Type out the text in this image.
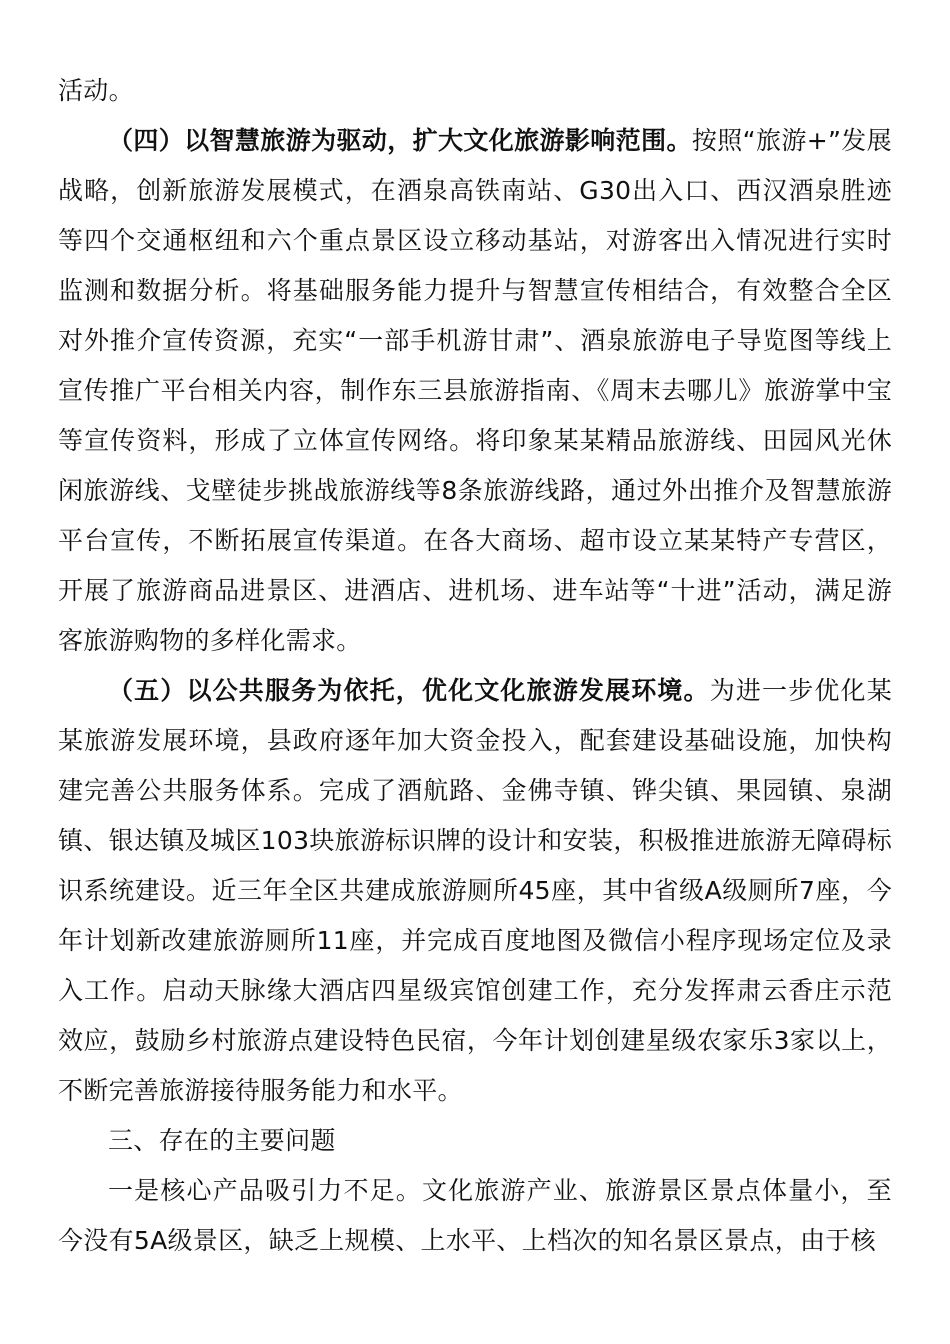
活动。

（四）以智慧旅游为驱动，扩大文化旅游影响范围。按照“旅游+”发展战略，创新旅游发展模式，在酒泉高铁南站、G30出入口、西汉酒泉胜迹等四个交通枢纽和六个重点景区设立移动基站，对游客出入情况进行实时监测和数据分析。将基础服务能力提升与智慧宣传相结合，有效整合全区对外推介宣传资源，充实“一部手机游甘肃”、酒泉旅游电子导览图等线上宣传推广平台相关内容，制作东三县旅游指南、《周末去哪儿》旅游掌中宝等宣传资料，形成了立体宣传网络。将印象某某精品旅游线、田园风光休闲旅游线、戈壁徒步挑战旅游线等8条旅游线路，通过外出推介及智慧旅游平台宣传，不断拓展宣传渠道。在各大商场、超市设立某某特产专营区，开展了旅游商品进景区、进酒店、进机场、进车站等“十进”活动，满足游客旅游购物的多样化需求。

（五）以公共服务为依托，优化文化旅游发展环境。为进一步优化某某旅游发展环境，县政府逐年加大资金投入，配套建设基础设施，加快构建完善公共服务体系。完成了酒航路、金佛寺镇、铧尖镇、果园镇、泉湖镇、银达镇及城区103块旅游标识牌的设计和安装，积极推进旅游无障碍标识系统建设。近三年全区共建成旅游厕所45座，其中省级A级厕所7座，今年计划新改建旅游厕所11座，并完成百度地图及微信小程序现场定位及录入工作。启动天脉缘大酒店四星级宾馆创建工作，充分发挥肃云香庄示范效应，鼓励乡村旅游点建设特色民宿，今年计划创建星级农家乐3家以上，不断完善旅游接待服务能力和水平。

三、存在的主要问题

一是核心产品吸引力不足。文化旅游产业、旅游景区景点体量小，至今没有5A级景区，缺乏上规模、上水平、上档次的知名景区景点，由于核
